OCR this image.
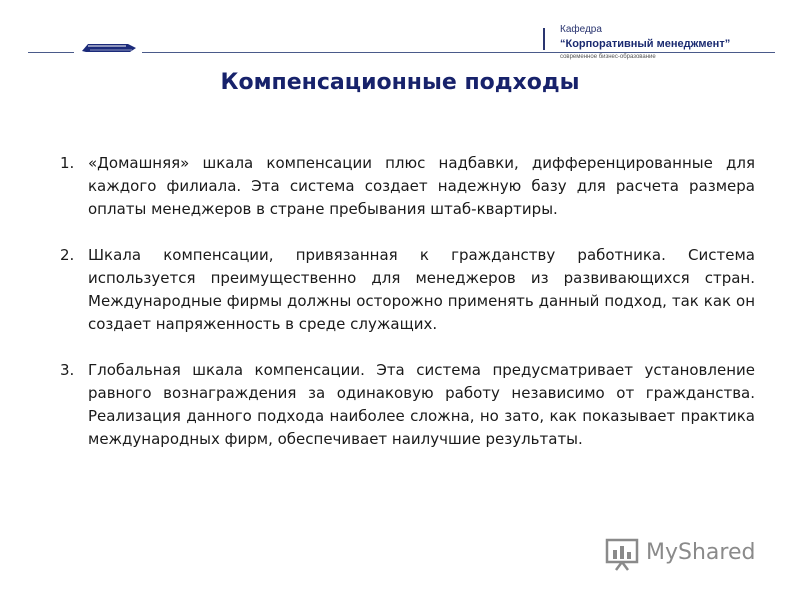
Кафедра
“Корпоративный менеджмент”
современное бизнес-образование
Компенсационные подходы
1. «Домашняя» шкала компенсации плюс надбавки, дифференцированные для каждого филиала. Эта система создает надежную базу для расчета размера оплаты менеджеров в стране пребывания штаб-квартиры.
2. Шкала компенсации, привязанная к гражданству работника. Система используется преимущественно для менеджеров из развивающихся стран. Международные фирмы должны осторожно применять данный подход, так как он создает напряженность в среде служащих.
3. Глобальная шкала компенсации. Эта система предусматривает установление равного вознаграждения за одинаковую работу независимо от гражданства. Реализация данного подхода наиболее сложна, но зато, как показывает практика международных фирм, обеспечивает наилучшие результаты.
MyShared
